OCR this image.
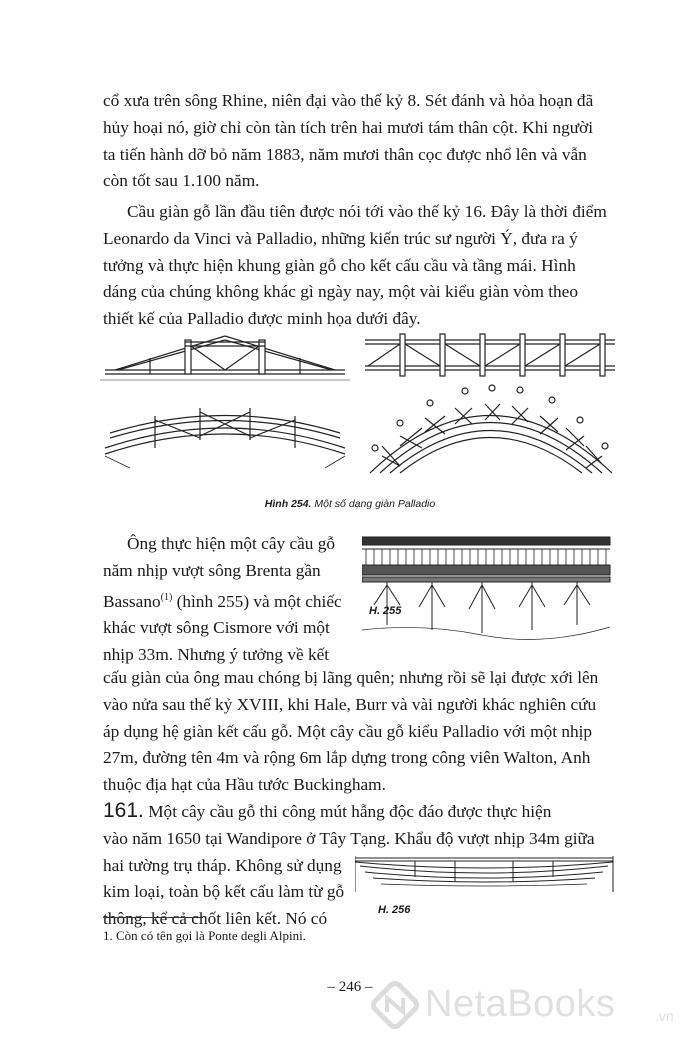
cổ xưa trên sông Rhine, niên đại vào thế kỷ 8. Sét đánh và hỏa hoạn đã
hủy hoại nó, giờ chỉ còn tàn tích trên hai mươi tám thân cột. Khi người
ta tiến hành dỡ bỏ năm 1883, năm mươi thân cọc được nhổ lên và vẫn
còn tốt sau 1.100 năm.

Cầu giàn gỗ lần đầu tiên được nói tới vào thế kỷ 16. Đây là thời điểm
Leonardo da Vinci và Palladio, những kiến trúc sư người Ý, đưa ra ý
tưởng và thực hiện khung giàn gỗ cho kết cấu cầu và tầng mái. Hình
dáng của chúng không khác gì ngày nay, một vài kiểu giàn vòm theo
thiết kế của Palladio được minh họa dưới đây.

Hình 254. Một số dạng giàn Palladio

Ông thực hiện một cây cầu gỗ
năm nhịp vượt sông Brenta gần
Bassano$^{(1)}$ (hình 255) và một chiếc
khác vượt sông Cismore với một
nhịp 33m. Nhưng ý tưởng về kết

H. 255

cấu giàn của ông mau chóng bị lãng quên; nhưng rồi sẽ lại được xới lên
vào nửa sau thế kỷ XVIII, khi Hale, Burr và vài người khác nghiên cứu
áp dụng hệ giàn kết cấu gỗ. Một cây cầu gỗ kiểu Palladio với một nhịp
27m, đường tên 4m và rộng 6m lắp dựng trong công viên Walton, Anh
thuộc địa hạt của Hầu tước Buckingham.

161. Một cây cầu gỗ thi công mút hẫng độc đáo được thực hiện
vào năm 1650 tại Wandipore ở Tây Tạng. Khẩu độ vượt nhịp 34m giữa
hai tường trụ tháp. Không sử dụng
kim loại, toàn bộ kết cấu làm từ gỗ
thông, kể cả chốt liên kết. Nó có	H. 256
1. Còn có tên gọi là Ponte degli Alpini.
– 246 –	NetaBooks	.vn
